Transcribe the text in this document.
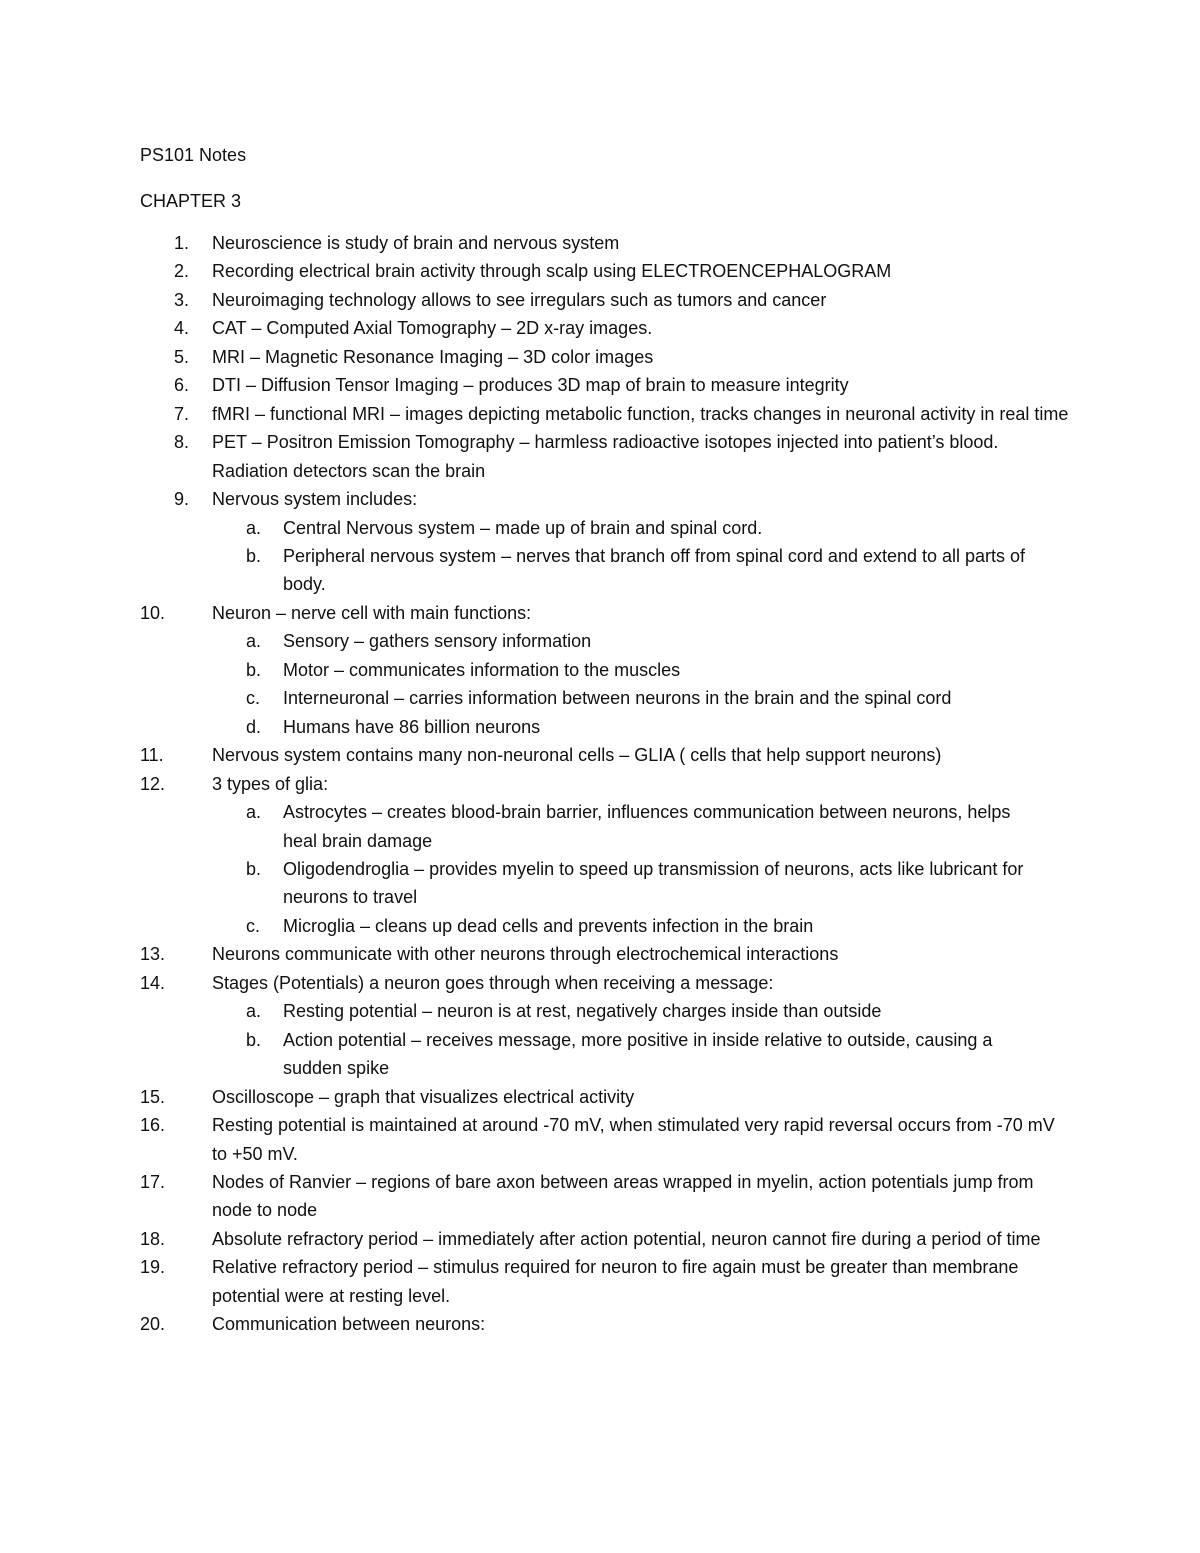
PS101 Notes
CHAPTER 3
1.	Neuroscience is study of brain and nervous system
2.	Recording electrical brain activity through scalp using ELECTROENCEPHALOGRAM
3.	Neuroimaging technology allows to see irregulars such as tumors and cancer
4.	CAT – Computed Axial Tomography – 2D x-ray images.
5.	MRI – Magnetic Resonance Imaging – 3D color images
6.	DTI – Diffusion Tensor Imaging – produces 3D map of brain to measure integrity
7.	fMRI – functional MRI – images depicting metabolic function, tracks changes in neuronal activity in real time
8.	PET – Positron Emission Tomography – harmless radioactive isotopes injected into patient’s blood. Radiation detectors scan the brain
9.	Nervous system includes:
a. Central Nervous system – made up of brain and spinal cord.
b. Peripheral nervous system – nerves that branch off from spinal cord and extend to all parts of body.
10.	Neuron – nerve cell with main functions:
a. Sensory – gathers sensory information
b. Motor – communicates information to the muscles
c. Interneuronal – carries information between neurons in the brain and the spinal cord
d. Humans have 86 billion neurons
11.	Nervous system contains many non-neuronal cells – GLIA ( cells that help support neurons)
12.	3 types of glia:
a. Astrocytes – creates blood-brain barrier, influences communication between neurons, helps heal brain damage
b. Oligodendroglia – provides myelin to speed up transmission of neurons, acts like lubricant for neurons to travel
c. Microglia – cleans up dead cells and prevents infection in the brain
13.	Neurons communicate with other neurons through electrochemical interactions
14.	Stages (Potentials) a neuron goes through when receiving a message:
a. Resting potential – neuron is at rest, negatively charges inside than outside
b. Action potential – receives message, more positive in inside relative to outside, causing a sudden spike
15.	Oscilloscope – graph that visualizes electrical activity
16.	Resting potential is maintained at around -70 mV, when stimulated very rapid reversal occurs from -70 mV to +50 mV.
17.	Nodes of Ranvier – regions of bare axon between areas wrapped in myelin, action potentials jump from node to node
18.	Absolute refractory period – immediately after action potential, neuron cannot fire during a period of time
19.	Relative refractory period – stimulus required for neuron to fire again must be greater than membrane potential were at resting level.
20.	Communication between neurons:
